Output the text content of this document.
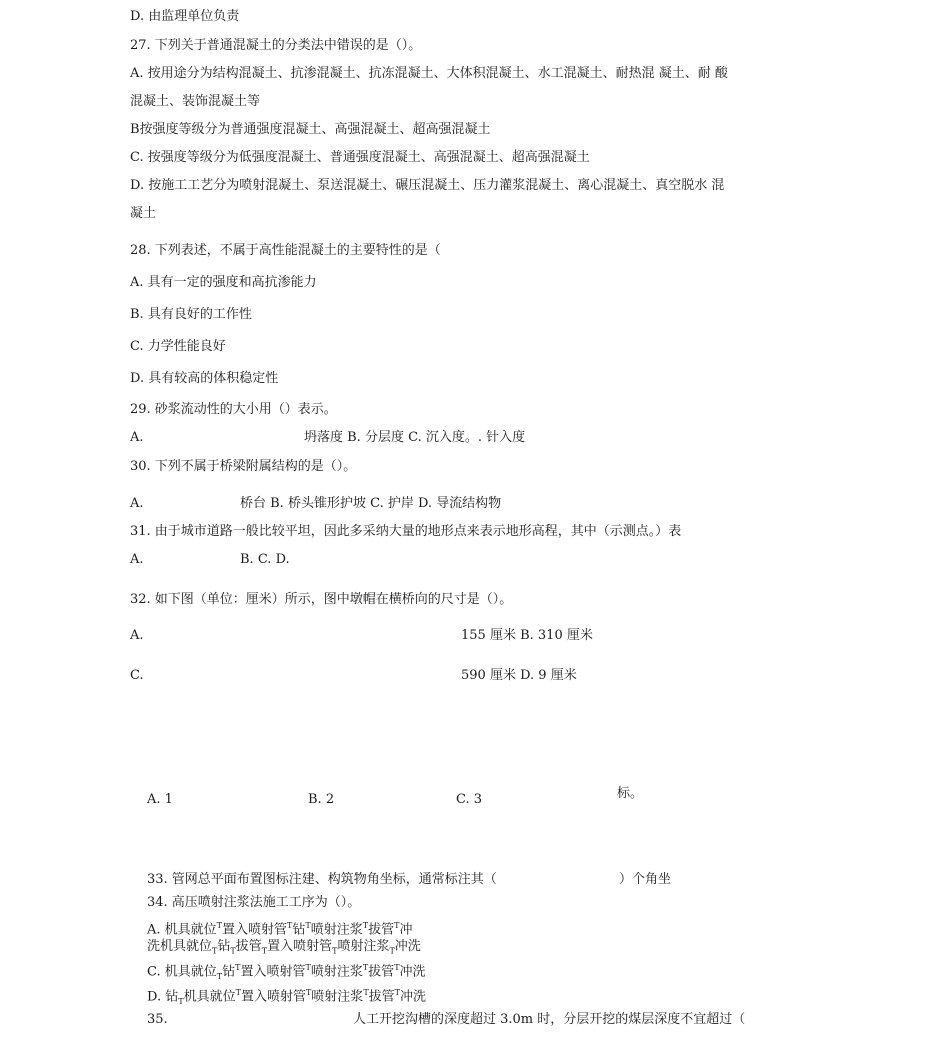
D. 由监理单位负责
27. 下列关于普通混凝土的分类法中错误的是（）。
A. 按用途分为结构混凝土、抗渗混凝土、抗冻混凝土、大体积混凝土、水工混凝土、耐热混 凝土、耐 酸
混凝土、装饰混凝土等
B按强度等级分为普通强度混凝土、高强混凝土、超高强混凝土
C. 按强度等级分为低强度混凝土、普通强度混凝土、高强混凝土、超高强混凝土
D. 按施工工艺分为喷射混凝土、泵送混凝土、碾压混凝土、压力灌浆混凝土、离心混凝土、真空脱水 混
凝土
28. 下列表述，不属于高性能混凝土的主要特性的是（
A. 具有一定的强度和高抗渗能力
B. 具有良好的工作性
C. 力学性能良好
D. 具有较高的体积稳定性
29. 砂浆流动性的大小用（）表示。
A.	坍落度 B. 分层度 C. 沉入度。. 针入度
30. 下列不属于桥梁附属结构的是（）。
A.	桥台 B. 桥头锥形护坡 C. 护岸 D. 导流结构物
31. 由于城市道路一般比较平坦，因此多采纳大量的地形点来表示地形高程，其中（示测点。）表
A.	B. C. D.
32. 如下图（单位：厘米）所示，图中墩帽在横桥向的尺寸是（）。
A.	155 厘米 B. 310 厘米
C.	590 厘米 D. 9 厘米
A. 1	B. 2	C. 3	标。
33. 管网总平面布置图标注建、构筑物角坐标，通常标注其（	）个角坐
34. 高压喷射注浆法施工工序为（）。
A. 机具就位$^T$置入喷射管$^T$钻$^T$喷射注浆$^T$拔管$^T$冲
洗机具就位$_T$钻$_T$拔管$_T$置入喷射管$_T$喷射注浆$_T$冲洗
C. 机具就位$_T$钻$^T$置入喷射管$^T$喷射注浆$^T$拔管$^T$冲洗
D. 钻$_T$机具就位$^T$置入喷射管$^T$喷射注浆$^T$拔管$^T$冲洗
35.	人工开挖沟槽的深度超过 3.0m 时，分层开挖的煤层深度不宜超过（
